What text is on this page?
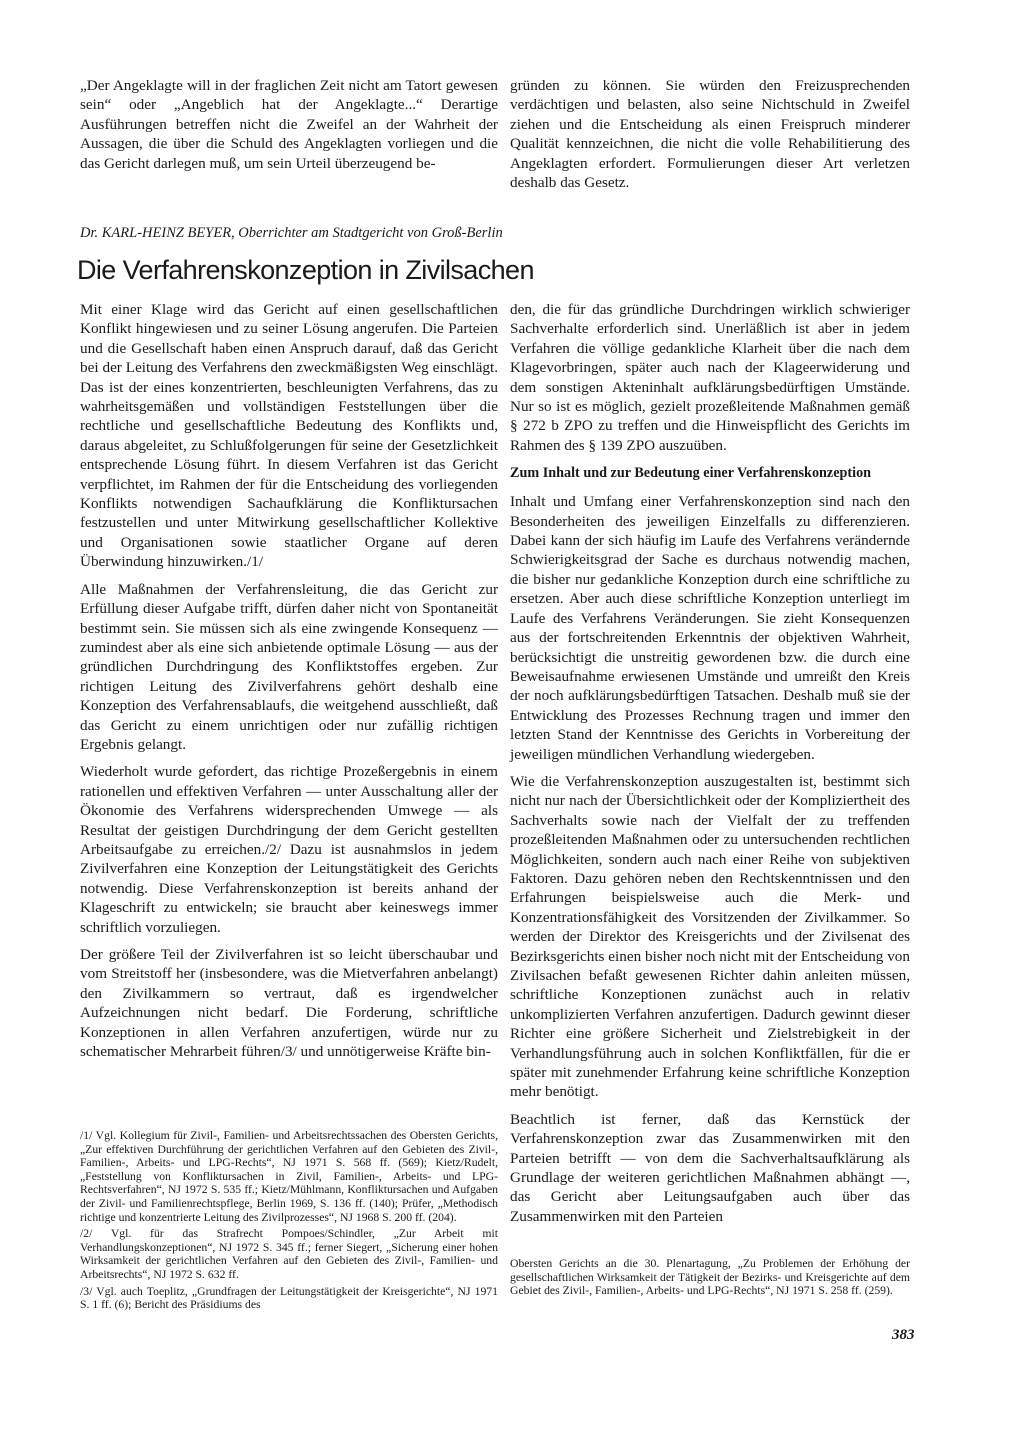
„Der Angeklagte will in der fraglichen Zeit nicht am Tatort gewesen sein“ oder „Angeblich hat der Angeklagte...“ Derartige Ausführungen betreffen nicht die Zweifel an der Wahrheit der Aussagen, die über die Schuld des Angeklagten vorliegen und die das Gericht darlegen muß, um sein Urteil überzeugend be-

gründen zu können. Sie würden den Freizusprechenden verdächtigen und belasten, also seine Nichtschuld in Zweifel ziehen und die Entscheidung als einen Freispruch minderer Qualität kennzeichnen, die nicht die volle Rehabilitierung des Angeklagten erfordert. Formulierungen dieser Art verletzen deshalb das Gesetz.

Dr. KARL-HEINZ BEYER, Oberrichter am Stadtgericht von Groß-Berlin
Die Verfahrenskonzeption in Zivilsachen

Mit einer Klage wird das Gericht auf einen gesellschaftlichen Konflikt hingewiesen und zu seiner Lösung angerufen. Die Parteien und die Gesellschaft haben einen Anspruch darauf, daß das Gericht bei der Leitung des Verfahrens den zweckmäßigsten Weg einschlägt. Das ist der eines konzentrierten, beschleunigten Verfahrens, das zu wahrheitsgemäßen und vollständigen Feststellungen über die rechtliche und gesellschaftliche Bedeutung des Konflikts und, daraus abgeleitet, zu Schlußfolgerungen für seine der Gesetzlichkeit entsprechende Lösung führt. In diesem Verfahren ist das Gericht verpflichtet, im Rahmen der für die Entscheidung des vorliegenden Konflikts notwendigen Sachaufklärung die Konfliktursachen festzustellen und unter Mitwirkung gesellschaftlicher Kollektive und Organisationen sowie staatlicher Organe auf deren Überwindung hinzuwirken./1/

Alle Maßnahmen der Verfahrensleitung, die das Gericht zur Erfüllung dieser Aufgabe trifft, dürfen daher nicht von Spontaneität bestimmt sein. Sie müssen sich als eine zwingende Konsequenz — zumindest aber als eine sich anbietende optimale Lösung — aus der gründlichen Durchdringung des Konfliktstoffes ergeben. Zur richtigen Leitung des Zivilverfahrens gehört deshalb eine Konzeption des Verfahrensablaufs, die weitgehend ausschließt, daß das Gericht zu einem unrichtigen oder nur zufällig richtigen Ergebnis gelangt.

Wiederholt wurde gefordert, das richtige Prozeßergebnis in einem rationellen und effektiven Verfahren — unter Ausschaltung aller der Ökonomie des Verfahrens widersprechenden Umwege — als Resultat der geistigen Durchdringung der dem Gericht gestellten Arbeitsaufgabe zu erreichen./2/ Dazu ist ausnahmslos in jedem Zivilverfahren eine Konzeption der Leitungstätigkeit des Gerichts notwendig. Diese Verfahrenskonzeption ist bereits anhand der Klageschrift zu entwickeln; sie braucht aber keineswegs immer schriftlich vorzuliegen.

Der größere Teil der Zivilverfahren ist so leicht überschaubar und vom Streitstoff her (insbesondere, was die Mietverfahren anbelangt) den Zivilkammern so vertraut, daß es irgendwelcher Aufzeichnungen nicht bedarf. Die Forderung, schriftliche Konzeptionen in allen Verfahren anzufertigen, würde nur zu schematischer Mehrarbeit führen/3/ und unnötigerweise Kräfte bin-

den, die für das gründliche Durchdringen wirklich schwieriger Sachverhalte erforderlich sind. Unerläßlich ist aber in jedem Verfahren die völlige gedankliche Klarheit über die nach dem Klagevorbringen, später auch nach der Klageerwiderung und dem sonstigen Akteninhalt aufklärungsbedürftigen Umstände. Nur so ist es möglich, gezielt prozeßleitende Maßnahmen gemäß § 272 b ZPO zu treffen und die Hinweispflicht des Gerichts im Rahmen des § 139 ZPO auszuüben.

Zum Inhalt und zur Bedeutung einer Verfahrenskonzeption

Inhalt und Umfang einer Verfahrenskonzeption sind nach den Besonderheiten des jeweiligen Einzelfalls zu differenzieren. Dabei kann der sich häufig im Laufe des Verfahrens verändernde Schwierigkeitsgrad der Sache es durchaus notwendig machen, die bisher nur gedankliche Konzeption durch eine schriftliche zu ersetzen. Aber auch diese schriftliche Konzeption unterliegt im Laufe des Verfahrens Veränderungen. Sie zieht Konsequenzen aus der fortschreitenden Erkenntnis der objektiven Wahrheit, berücksichtigt die unstreitig gewordenen bzw. die durch eine Beweisaufnahme erwiesenen Umstände und umreißt den Kreis der noch aufklärungsbedürftigen Tatsachen. Deshalb muß sie der Entwicklung des Prozesses Rechnung tragen und immer den letzten Stand der Kenntnisse des Gerichts in Vorbereitung der jeweiligen mündlichen Verhandlung wiedergeben.

Wie die Verfahrenskonzeption auszugestalten ist, bestimmt sich nicht nur nach der Übersichtlichkeit oder der Kompliziertheit des Sachverhalts sowie nach der Vielfalt der zu treffenden prozeßleitenden Maßnahmen oder zu untersuchenden rechtlichen Möglichkeiten, sondern auch nach einer Reihe von subjektiven Faktoren. Dazu gehören neben den Rechtskenntnissen und den Erfahrungen beispielsweise auch die Merk- und Konzentrationsfähigkeit des Vorsitzenden der Zivilkammer. So werden der Direktor des Kreisgerichts und der Zivilsenat des Bezirksgerichts einen bisher noch nicht mit der Entscheidung von Zivilsachen befaßt gewesenen Richter dahin anleiten müssen, schriftliche Konzeptionen zunächst auch in relativ unkomplizierten Verfahren anzufertigen. Dadurch gewinnt dieser Richter eine größere Sicherheit und Zielstrebigkeit in der Verhandlungsführung auch in solchen Konfliktfällen, für die er später mit zunehmender Erfahrung keine schriftliche Konzeption mehr benötigt.

Beachtlich ist ferner, daß das Kernstück der Verfahrenskonzeption zwar das Zusammenwirken mit den Parteien betrifft — von dem die Sachverhaltsaufklärung als Grundlage der weiteren gerichtlichen Maßnahmen abhängt —, das Gericht aber Leitungsaufgaben auch über das Zusammenwirken mit den Parteien

/1/ Vgl. Kollegium für Zivil-, Familien- und Arbeitsrechtssachen des Obersten Gerichts, „Zur effektiven Durchführung der gerichtlichen Verfahren auf den Gebieten des Zivil-, Familien-, Arbeits- und LPG-Rechts“, NJ 1971 S. 568 ff. (569); Kietz/Rudelt, „Feststellung von Konfliktursachen in Zivil, Familien-, Arbeits- und LPG-Rechtsverfahren“, NJ 1972 S. 535 ff.; Kietz/Mühlmann, Konfliktursachen und Aufgaben der Zivil- und Familienrechtspflege, Berlin 1969, S. 136 ff. (140); Prüfer, „Methodisch richtige und konzentrierte Leitung des Zivilprozesses“, NJ 1968 S. 200 ff. (204).

/2/ Vgl. für das Strafrecht Pompoes/Schindler, „Zur Arbeit mit Verhandlungskonzeptionen“, NJ 1972 S. 345 ff.; ferner Siegert, „Sicherung einer hohen Wirksamkeit der gerichtlichen Verfahren auf den Gebieten des Zivil-, Familien- und Arbeitsrechts“, NJ 1972 S. 632 ff.

/3/ Vgl. auch Toeplitz, „Grundfragen der Leitungstätigkeit der Kreisgerichte“, NJ 1971 S. 1 ff. (6); Bericht des Präsidiums des

Obersten Gerichts an die 30. Plenartagung, „Zu Problemen der Erhöhung der gesellschaftlichen Wirksamkeit der Tätigkeit der Bezirks- und Kreisgerichte auf dem Gebiet des Zivil-, Familien-, Arbeits- und LPG-Rechts“, NJ 1971 S. 258 ff. (259).

383
